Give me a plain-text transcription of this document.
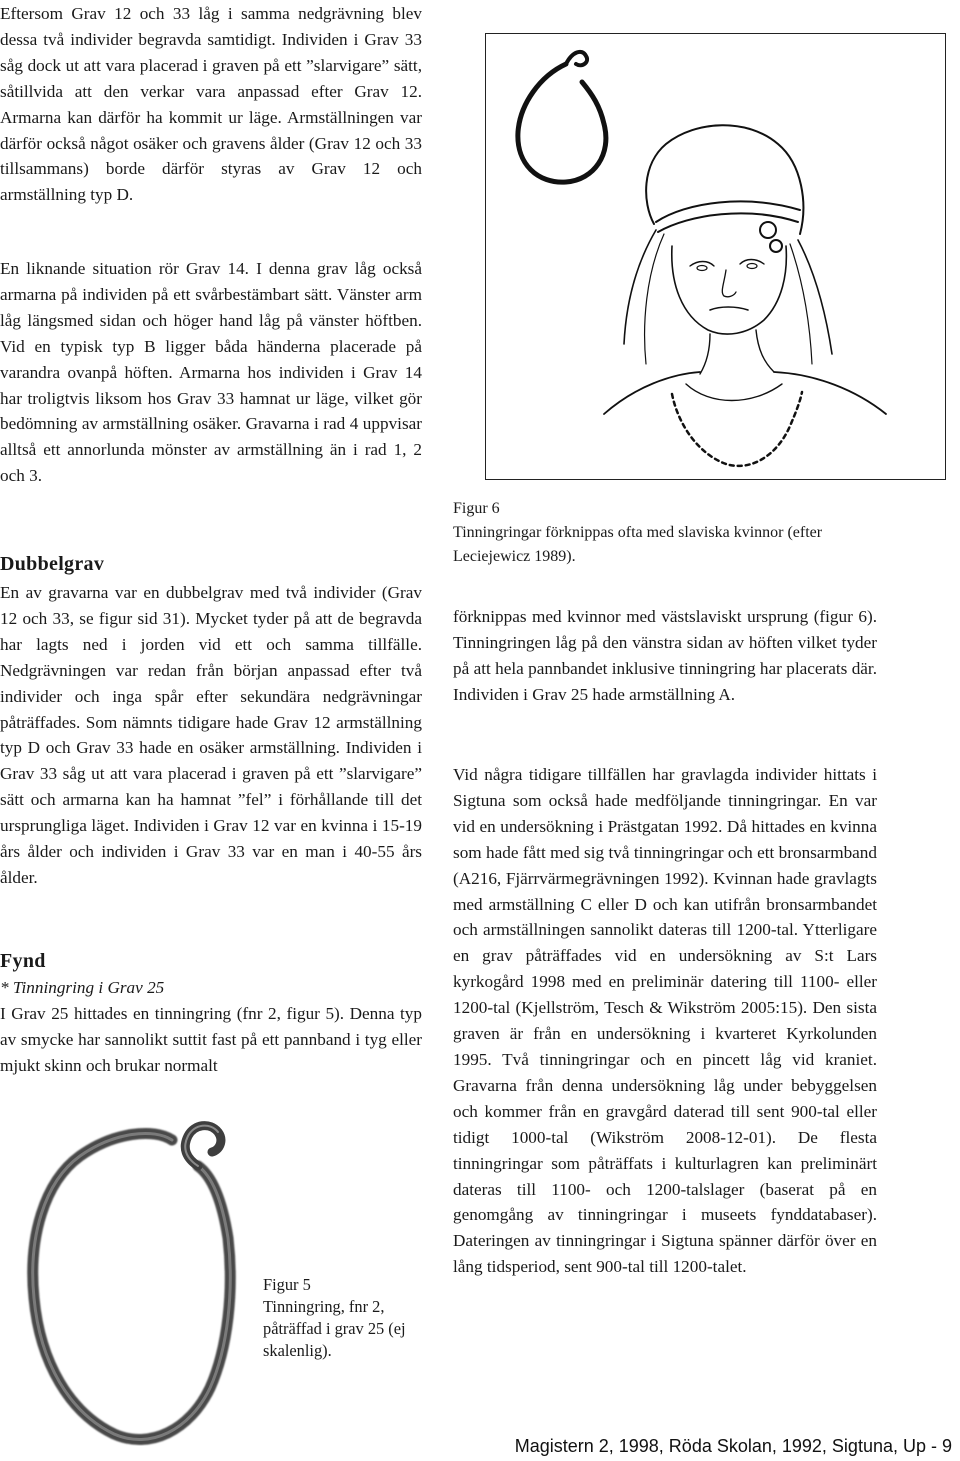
Eftersom Grav 12 och 33 låg i samma nedgrävning blev dessa två individer begravda samtidigt. Individen i Grav 33 såg dock ut att vara placerad i graven på ett ”slarvigare” sätt, såtillvida att den verkar vara anpassad efter Grav 12. Armarna kan därför ha kommit ur läge. Armställningen var därför också något osäker och gravens ålder (Grav 12 och 33 tillsammans) borde därför styras av Grav 12 och armställning typ D.

En liknande situation rör Grav 14. I denna grav låg också armarna på individen på ett svårbestämbart sätt. Vänster arm låg längsmed sidan och höger hand låg på vänster höftben. Vid en typisk typ B ligger båda händerna placerade på varandra ovanpå höften. Armarna hos individen i Grav 14 har troligtvis liksom hos Grav 33 hamnat ur läge, vilket gör bedömning av armställning osäker. Gravarna i rad 4 uppvisar alltså ett annorlunda mönster av armställning än i rad 1, 2 och 3.

Dubbelgrav

En av gravarna var en dubbelgrav med två individer (Grav 12 och 33, se figur sid 31). Mycket tyder på att de begravda har lagts ned i jorden vid ett och samma tillfälle. Nedgrävningen var redan från början anpassad efter två individer och inga spår efter sekundära nedgrävningar påträffades. Som nämnts tidigare hade Grav 12 armställning typ D och Grav 33 hade en osäker armställning. Individen i Grav 33 såg ut att vara placerad i graven på ett ”slarvigare” sätt och armarna kan ha hamnat ”fel” i förhållande till det ursprungliga läget. Individen i Grav 12 var en kvinna i 15-19 års ålder och individen i Grav 33 var en man i 40-55 års ålder.

Fynd

* Tinningring i Grav 25
I Grav 25 hittades en tinningring (fnr 2, figur 5). Denna typ av smycke har sannolikt suttit fast på ett pannband i tyg eller mjukt skinn och brukar normalt

Figur 5
Tinningring, fnr 2, påträffad i grav 25 (ej skalenlig).
Figur 6
Tinningringar förknippas ofta med slaviska kvinnor (efter Leciejewicz 1989).

förknippas med kvinnor med västslaviskt ursprung (figur 6). Tinningringen låg på den vänstra sidan av höften vilket tyder på att hela pannbandet inklusive tinningring har placerats där. Individen i Grav 25 hade armställning A.

Vid några tidigare tillfällen har gravlagda individer hittats i Sigtuna som också hade medföljande tinningringar. En var vid en undersökning i Prästgatan 1992. Då hittades en kvinna som hade fått med sig två tinningringar och ett bronsarmband (A216, Fjärrvärmegrävningen 1992). Kvinnan hade gravlagts med armställning C eller D och kan utifrån bronsarmbandet och armställningen sannolikt dateras till 1200-tal. Ytterligare en grav påträffades vid en undersökning av S:t Lars kyrkogård 1998 med en preliminär datering till 1100- eller 1200-tal (Kjellström, Tesch & Wikström 2005:15). Den sista graven är från en undersökning i kvarteret Kyrkolunden 1995. Två tinningringar och en pincett låg vid kraniet. Gravarna från denna undersökning låg under bebyggelsen och kommer från en gravgård daterad till sent 900-tal eller tidigt 1000-tal (Wikström 2008-12-01). De flesta tinningringar som påträffats i kulturlagren kan preliminärt dateras till 1100- och 1200-talslager (baserat på en genomgång av tinningringar i museets fynddatabaser). Dateringen av tinningringar i Sigtuna spänner därför över en lång tidsperiod, sent 900-tal till 1200-talet.

Magistern 2, 1998, Röda Skolan, 1992, Sigtuna, Up - 9
